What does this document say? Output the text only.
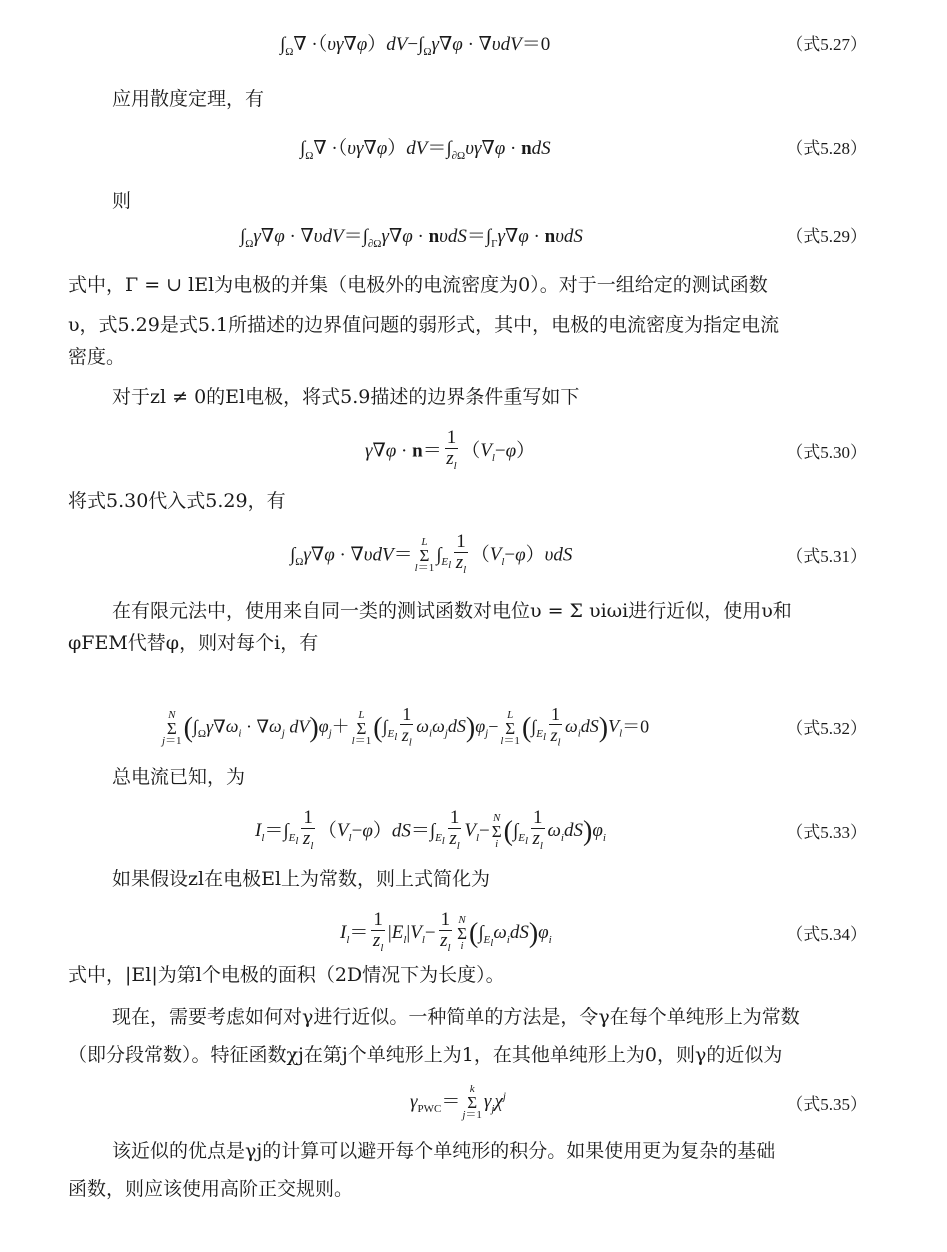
$\int_\Omega\nabla \cdot(\upsilon\gamma\nabla\varphi)dV-\int_\Omega\gamma\nabla\varphi \cdot \nabla\upsilon dV=0$	（式5.27）

应用散度定理，有

$\int_\Omega\nabla \cdot(\upsilon\gamma\nabla\varphi)dV=\int_{\partial\Omega}\upsilon\gamma\nabla\varphi$ · ndS	（式5.28）

则

$\int_\Omega\gamma\nabla\varphi \cdot \nabla\upsilon dV=\int_{\partial\Omega}\gamma\nabla\varphi \cdot n\upsilon dS=\int_\Gamma\gamma\nabla\varphi \cdot n\upsilon dS$	（式5.29）

式中，Γ = ∪ lEl为电极的并集（电极外的电流密度为0）。对于一组给定的测试函数

υ，式5.29是式5.1所描述的边界值问题的弱形式，其中，电极的电流密度为指定电流

密度。

对于zl ≠ 0的El电极，将式5.9描述的边界条件重写如下

$\gamma\nabla\varphi \cdot n= \frac{1}{z_l} (V_l-\varphi)$	（式5.30）

将式5.30代入式5.29，有

$\int_\Omega\gamma\nabla\varphi \cdot \nabla\upsilon dV=L$
Σ
$l=1\int_{E_l} \frac{1}{z_l} (V_l-\varphi)\upsilon dS$	（式5.31）

在有限元法中，使用来自同一类的测试函数对电位υ = Σ υiωi进行近似，使用υ和

φFEM代替φ，则对每个i，有

N
Σ
$j=1(\int_\Omega\gamma\nabla\omega_i \cdot \nabla\omega_j$ $dV)\varphi_j+L$
Σ
$l=1(\int_{E_l} \frac{1}{z_l} \omega_i\omega_jdS)\varphi_j-L$
Σ
$l=1(\int_{E_l} \frac{1}{z_l} \omega_idS)V_l=0$	（式5.32）

总电流已知，为

$I_l=\int_{E_l} \frac{1}{z_l} (V_l-\varphi)dS=\int_{E_l} \frac{1}{z_l} V_l-N$
Σ
i $(\int_{E_l} \frac{1}{z_l} \omega_idS)\varphi_i$	（式5.33）

如果假设zl在电极El上为常数，则上式简化为

$I_l= \frac{1}{z_l} |E_l|V_l- \frac{1}{z_l}$ N
Σ
i $(\int_{E_l}\omega_idS)\varphi_i$	（式5.34）

式中，|El|为第l个电极的面积（2D情况下为长度）。

现在，需要考虑如何对γ进行近似。一种简单的方法是，令γ在每个单纯形上为常数

（即分段常数）。特征函数χj在第j个单纯形上为1，在其他单纯形上为0，则γ的近似为

$\gamma_{PWC}=k$
Σ
$j=1\gamma_j\chi^j$	（式5.35）

该近似的优点是γj的计算可以避开每个单纯形的积分。如果使用更为复杂的基础

函数，则应该使用高阶正交规则。
